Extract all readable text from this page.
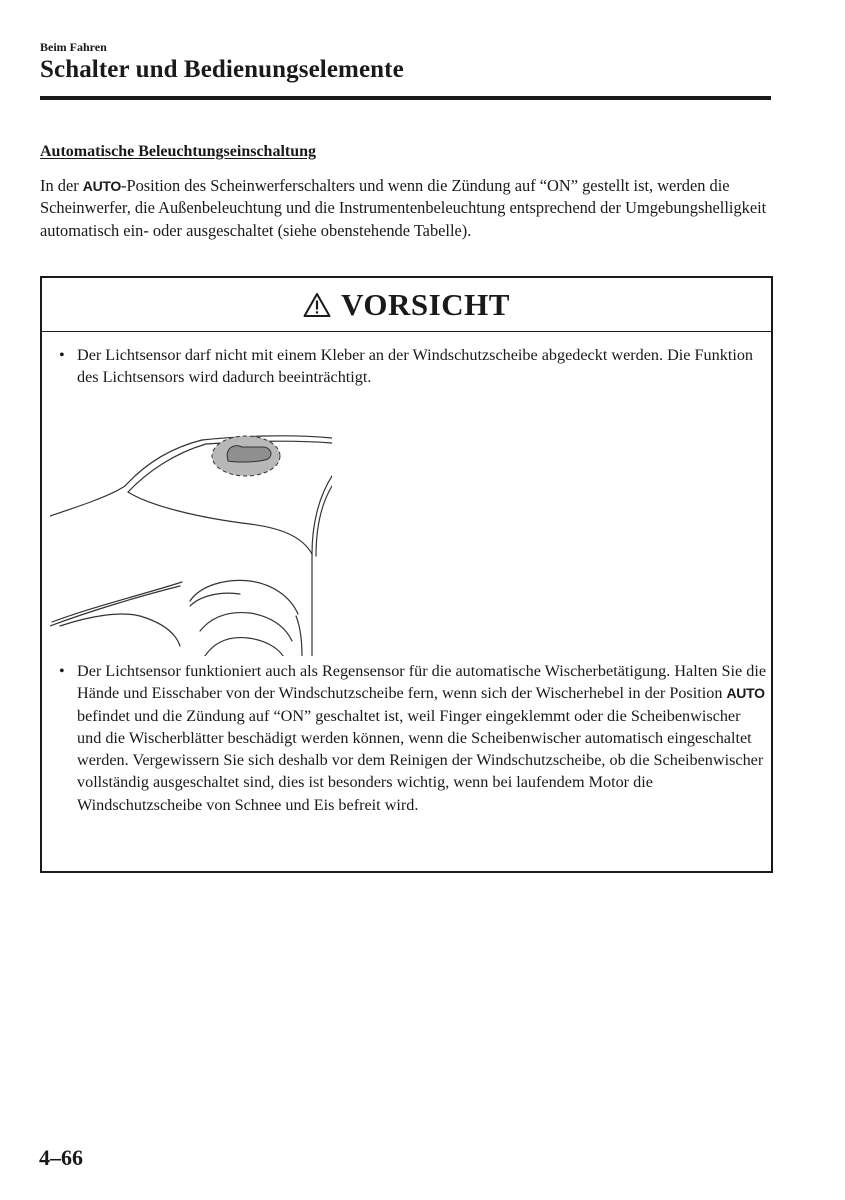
Beim Fahren
Schalter und Bedienungselemente
Automatische Beleuchtungseinschaltung

In der AUTO-Position des Scheinwerferschalters und wenn die Zündung auf “ON” gestellt ist, werden die Scheinwerfer, die Außenbeleuchtung und die Instrumentenbeleuchtung entsprechend der Umgebungshelligkeit automatisch ein- oder ausgeschaltet (siehe obenstehende Tabelle).

VORSICHT
• Der Lichtsensor darf nicht mit einem Kleber an der Windschutzscheibe abgedeckt werden. Die Funktion des Lichtsensors wird dadurch beeinträchtigt.

• Der Lichtsensor funktioniert auch als Regensensor für die automatische Wischerbetätigung. Halten Sie die Hände und Eisschaber von der Windschutzscheibe fern, wenn sich der Wischerhebel in der Position AUTO befindet und die Zündung auf “ON” geschaltet ist, weil Finger eingeklemmt oder die Scheibenwischer und die Wischerblätter beschädigt werden können, wenn die Scheibenwischer automatisch eingeschaltet werden. Vergewissern Sie sich deshalb vor dem Reinigen der Windschutzscheibe, ob die Scheibenwischer vollständig ausgeschaltet sind, dies ist besonders wichtig, wenn bei laufendem Motor die Windschutzscheibe von Schnee und Eis befreit wird.

4–66
